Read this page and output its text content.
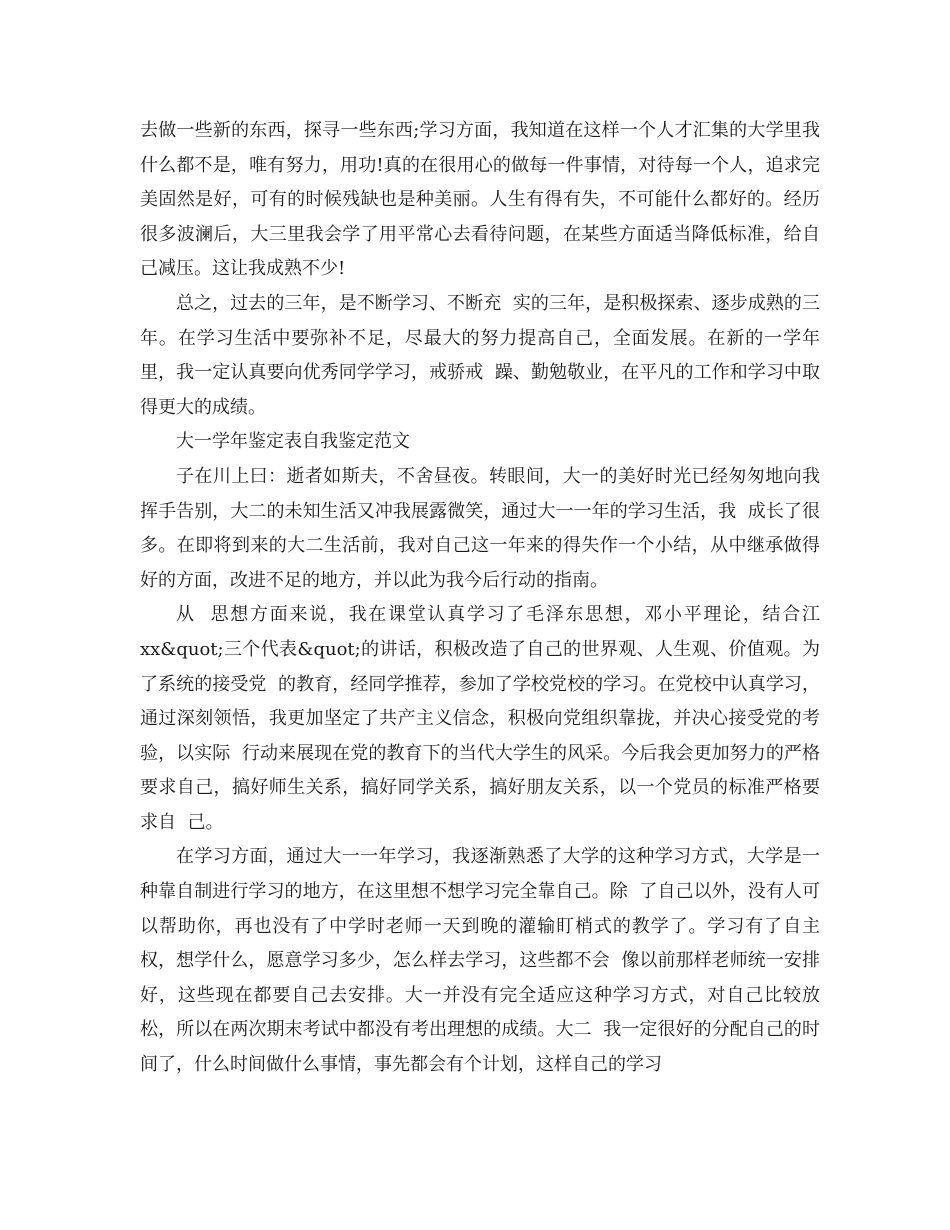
去做一些新的东西，探寻一些东西;学习方面，我知道在这样一个人才汇集的大学里我什么都不是，唯有努力，用功!真的在很用心的做每一件事情，对待每一个人，追求完美固然是好，可有的时候残缺也是种美丽。人生有得有失，不可能什么都好的。经历很多波澜后，大三里我会学了用平常心去看待问题，在某些方面适当降低标准，给自己减压。这让我成熟不少!

总之，过去的三年，是不断学习、不断充  实的三年，是积极探索、逐步成熟的三年。在学习生活中要弥补不足，尽最大的努力提高自己，全面发展。在新的一学年里，我一定认真要向优秀同学学习，戒骄戒  躁、勤勉敬业，在平凡的工作和学习中取得更大的成绩。

大一学年鉴定表自我鉴定范文

子在川上曰：逝者如斯夫，不舍昼夜。转眼间，大一的美好时光已经匆匆地向我挥手告别，大二的未知生活又冲我展露微笑，通过大一一年的学习生活，我  成长了很多。在即将到来的大二生活前，我对自己这一年来的得失作一个小结，从中继承做得好的方面，改进不足的地方，并以此为我今后行动的指南。

从  思想方面来说，我在课堂认真学习了毛泽东思想，邓小平理论，结合江xx&quot;三个代表&quot;的讲话，积极改造了自己的世界观、人生观、价值观。为了系统的接受党  的教育，经同学推荐，参加了学校党校的学习。在党校中认真学习，通过深刻领悟，我更加坚定了共产主义信念，积极向党组织靠拢，并决心接受党的考验，以实际  行动来展现在党的教育下的当代大学生的风采。今后我会更加努力的严格要求自己，搞好师生关系，搞好同学关系，搞好朋友关系，以一个党员的标准严格要求自  己。

在学习方面，通过大一一年学习，我逐渐熟悉了大学的这种学习方式，大学是一种靠自制进行学习的地方，在这里想不想学习完全靠自己。除  了自己以外，没有人可以帮助你，再也没有了中学时老师一天到晚的灌输盯梢式的教学了。学习有了自主权，想学什么，愿意学习多少，怎么样去学习，这些都不会  像以前那样老师统一安排好，这些现在都要自己去安排。大一并没有完全适应这种学习方式，对自己比较放松，所以在两次期末考试中都没有考出理想的成绩。大二  我一定很好的分配自己的时间了，什么时间做什么事情，事先都会有个计划，这样自己的学习
